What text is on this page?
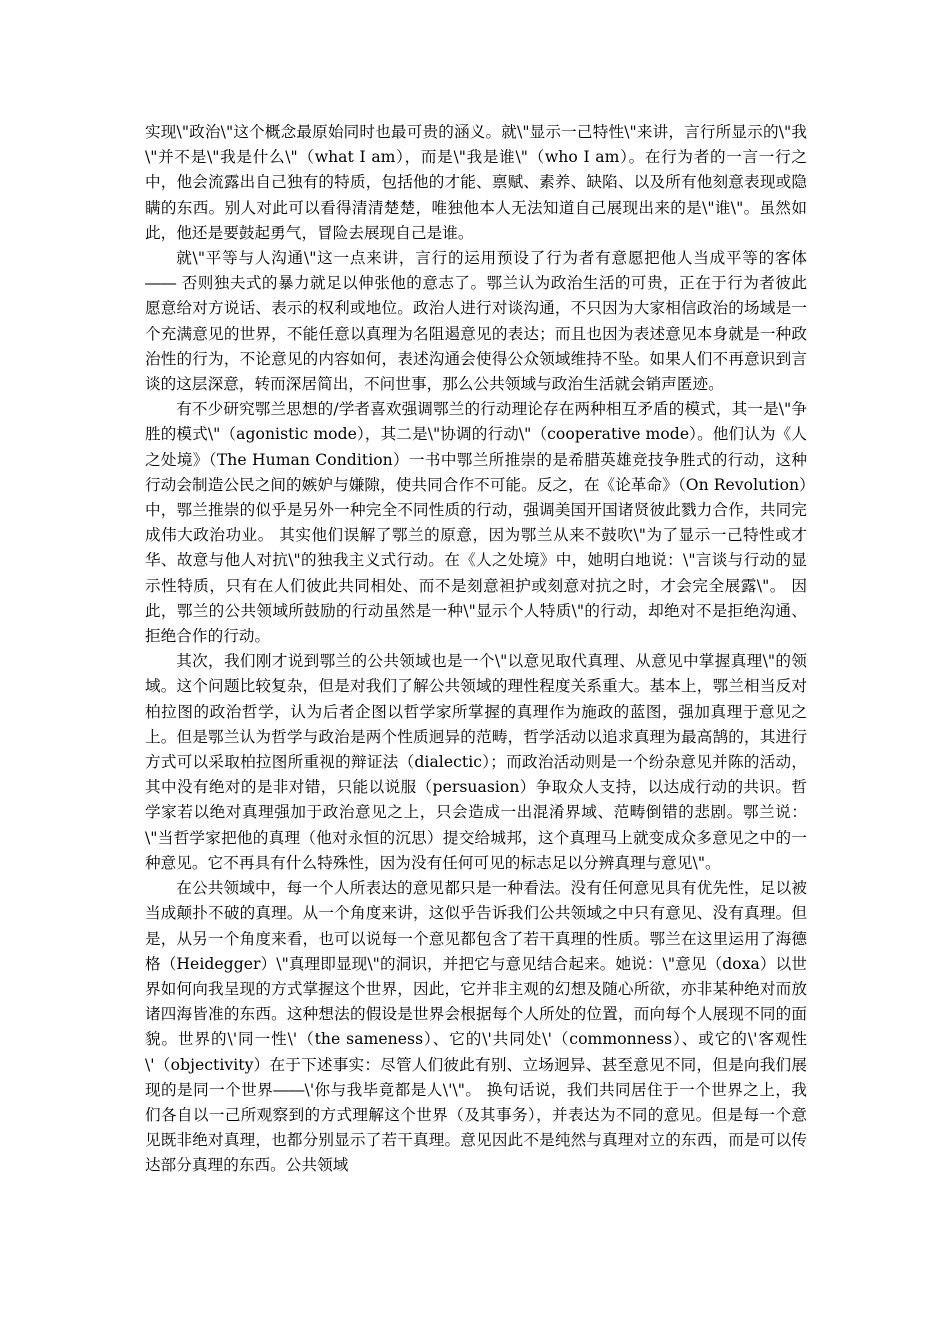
实现\"政治\"这个概念最原始同时也最可贵的涵义。就\"显示一己特性\"来讲，言行所显示的\"我\"并不是\"我是什么\"（what I am），而是\"我是谁\"（who I am）。在行为者的一言一行之中，他会流露出自己独有的特质，包括他的才能、禀赋、素养、缺陷、以及所有他刻意表现或隐瞒的东西。别人对此可以看得清清楚楚，唯独他本人无法知道自己展现出来的是\"谁\"。虽然如此，他还是要鼓起勇气，冒险去展现自己是谁。

就\"平等与人沟通\"这一点来讲，言行的运用预设了行为者有意愿把他人当成平等的客体 ―― 否则独夫式的暴力就足以伸张他的意志了。鄂兰认为政治生活的可贵，正在于行为者彼此愿意给对方说话、表示的权利或地位。政治人进行对谈沟通，不只因为大家相信政治的场域是一个充满意见的世界，不能任意以真理为名阻遏意见的表达；而且也因为表述意见本身就是一种政治性的行为，不论意见的内容如何，表述沟通会使得公众领域维持不坠。如果人们不再意识到言谈的这层深意，转而深居简出，不问世事，那么公共领域与政治生活就会销声匿迹。

有不少研究鄂兰思想的/学者喜欢强调鄂兰的行动理论存在两种相互矛盾的模式，其一是\"争胜的模式\"（agonistic mode），其二是\"协调的行动\"（cooperative mode）。他们认为《人之处境》（The Human Condition）一书中鄂兰所推崇的是希腊英雄竞技争胜式的行动，这种行动会制造公民之间的嫉妒与嫌隙，使共同合作不可能。反之，在《论革命》（On Revolution）中，鄂兰推崇的似乎是另外一种完全不同性质的行动，强调美国开国诸贤彼此戮力合作，共同完成伟大政治功业。 其实他们误解了鄂兰的原意，因为鄂兰从来不鼓吹\"为了显示一己特性或才华、故意与他人对抗\"的独我主义式行动。在《人之处境》中，她明白地说：\"言谈与行动的显示性特质，只有在人们彼此共同相处、而不是刻意袒护或刻意对抗之时，才会完全展露\"。 因此，鄂兰的公共领域所鼓励的行动虽然是一种\"显示个人特质\"的行动，却绝对不是拒绝沟通、拒绝合作的行动。

其次，我们刚才说到鄂兰的公共领域也是一个\"以意见取代真理、从意见中掌握真理\"的领域。这个问题比较复杂，但是对我们了解公共领域的理性程度关系重大。基本上，鄂兰相当反对柏拉图的政治哲学，认为后者企图以哲学家所掌握的真理作为施政的蓝图，强加真理于意见之上。但是鄂兰认为哲学与政治是两个性质迥异的范畴，哲学活动以追求真理为最高鹄的，其进行方式可以采取柏拉图所重视的辩证法（dialectic）；而政治活动则是一个纷杂意见并陈的活动，其中没有绝对的是非对错，只能以说服（persuasion）争取众人支持，以达成行动的共识。哲学家若以绝对真理强加于政治意见之上，只会造成一出混淆界域、范畴倒错的悲剧。鄂兰说：\"当哲学家把他的真理（他对永恒的沉思）提交给城邦，这个真理马上就变成众多意见之中的一种意见。它不再具有什么特殊性，因为没有任何可见的标志足以分辨真理与意见\"。

在公共领域中，每一个人所表达的意见都只是一种看法。没有任何意见具有优先性，足以被当成颠扑不破的真理。从一个角度来讲，这似乎告诉我们公共领域之中只有意见、没有真理。但是，从另一个角度来看，也可以说每一个意见都包含了若干真理的性质。鄂兰在这里运用了海德格（Heidegger）\"真理即显现\"的洞识，并把它与意见结合起来。她说：\"意见（doxa）以世界如何向我呈现的方式掌握这个世界，因此，它并非主观的幻想及随心所欲，亦非某种绝对而放诸四海皆准的东西。这种想法的假设是世界会根据每个人所处的位置，而向每个人展现不同的面貌。世界的\'同一性\'（the sameness）、它的\'共同处\'（commonness）、或它的\'客观性\'（objectivity）在于下述事实：尽管人们彼此有别、立场迥异、甚至意见不同，但是向我们展现的是同一个世界――\'你与我毕竟都是人\'\"。 换句话说，我们共同居住于一个世界之上，我们各自以一己所观察到的方式理解这个世界（及其事务），并表达为不同的意见。但是每一个意见既非绝对真理，也都分别显示了若干真理。意见因此不是纯然与真理对立的东西，而是可以传达部分真理的东西。公共领域
